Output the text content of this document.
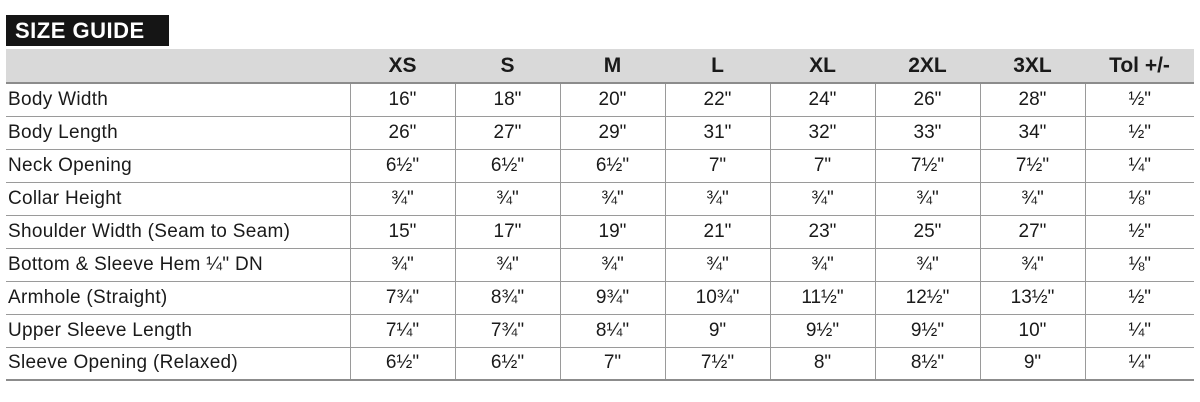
SIZE GUIDE
	XS	S	M	L	XL	2XL	3XL	Tol +/-
Body Width	16"	18"	20"	22"	24"	26"	28"	½"
Body Length	26"	27"	29"	31"	32"	33"	34"	½"
Neck Opening	6½"	6½"	6½"	7"	7"	7½"	7½"	¼"
Collar Height	¾"	¾"	¾"	¾"	¾"	¾"	¾"	⅛"
Shoulder Width (Seam to Seam)	15"	17"	19"	21"	23"	25"	27"	½"
Bottom & Sleeve Hem ¼" DN	¾"	¾"	¾"	¾"	¾"	¾"	¾"	⅛"
Armhole (Straight)	7¾"	8¾"	9¾"	10¾"	11½"	12½"	13½"	½"
Upper Sleeve Length	7¼"	7¾"	8¼"	9"	9½"	9½"	10"	¼"
Sleeve Opening (Relaxed)	6½"	6½"	7"	7½"	8"	8½"	9"	¼"
